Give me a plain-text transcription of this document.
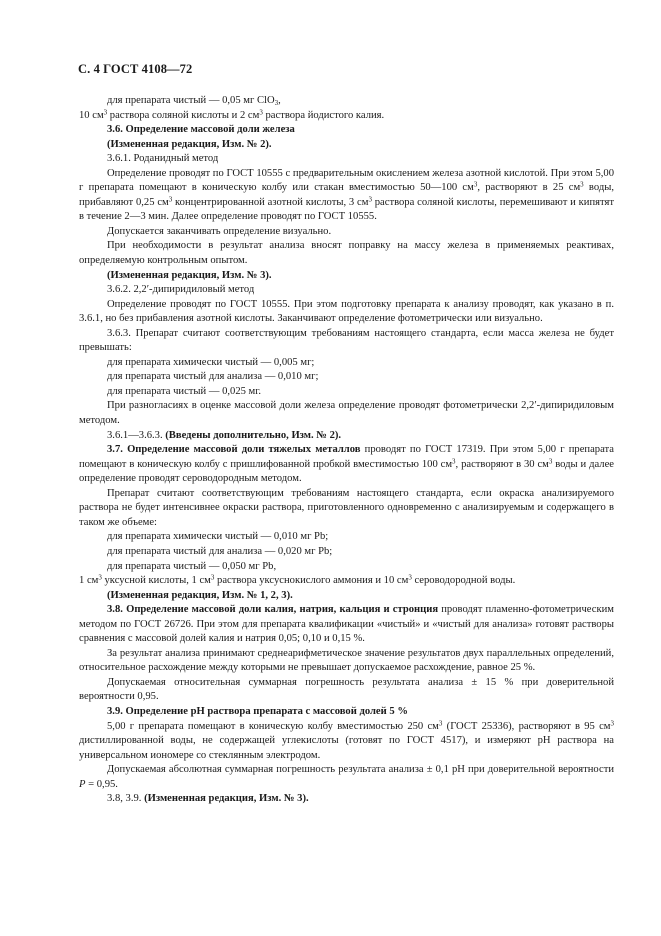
С. 4 ГОСТ 4108—72

для препарата чистый — 0,05 мг ClO$_3$,

10 $см^3$ раствора соляной кислоты и 2 $см^3$ раствора йодистого калия.

3.6. Определение массовой доли железа

(Измененная редакция, Изм. № 2).

3.6.1. Роданидный метод

Определение проводят по ГОСТ 10555 с предварительным окислением железа азотной кислотой. При этом 5,00 г препарата помещают в коническую колбу или стакан вместимостью 50—100 $см^3$, растворяют в 25 $см^3$ воды, прибавляют 0,25 $см^3$ концентрированной азотной кислоты, 3 $см^3$ раствора соляной кислоты, перемешивают и кипятят в течение 2—3 мин. Далее определение проводят по ГОСТ 10555.

Допускается заканчивать определение визуально.

При необходимости в результат анализа вносят поправку на массу железа в применяемых реактивах, определяемую контрольным опытом.

(Измененная редакция, Изм. № 3).

3.6.2. 2,2′-дипиридиловый метод

Определение проводят по ГОСТ 10555. При этом подготовку препарата к анализу проводят, как указано в п. 3.6.1, но без прибавления азотной кислоты. Заканчивают определение фотометрически или визуально.

3.6.3. Препарат считают соответствующим требованиям настоящего стандарта, если масса железа не будет превышать:

для препарата химически чистый — 0,005 мг;

для препарата чистый для анализа — 0,010 мг;

для препарата чистый — 0,025 мг.

При разногласиях в оценке массовой доли железа определение проводят фотометрически 2,2′-дипиридиловым методом.

3.6.1—3.6.3. (Введены дополнительно, Изм. № 2).

3.7. Определение массовой доли тяжелых металлов проводят по ГОСТ 17319. При этом 5,00 г препарата помещают в коническую колбу с пришлифованной пробкой вместимостью 100 $см^3$, растворяют в 30 $см^3$ воды и далее определение проводят сероводородным методом.

Препарат считают соответствующим требованиям настоящего стандарта, если окраска анализируемого раствора не будет интенсивнее окраски раствора, приготовленного одновременно с анализируемым и содержащего в таком же объеме:

для препарата химически чистый — 0,010 мг Pb;

для препарата чистый для анализа — 0,020 мг Pb;

для препарата чистый — 0,050 мг Pb,

1 $см^3$ уксусной кислоты, 1 $см^3$ раствора уксуснокислого аммония и 10 $см^3$ сероводородной воды.

(Измененная редакция, Изм. № 1, 2, 3).

3.8. Определение массовой доли калия, натрия, кальция и стронция проводят пламенно-фотометрическим методом по ГОСТ 26726. При этом для препарата квалификации «чистый» и «чистый для анализа» готовят растворы сравнения с массовой долей калия и натрия 0,05; 0,10 и 0,15 %.

За результат анализа принимают среднеарифметическое значение результатов двух параллельных определений, относительное расхождение между которыми не превышает допускаемое расхождение, равное 25 %.

Допускаемая относительная суммарная погрешность результата анализа ± 15 % при доверительной вероятности 0,95.

3.9. Определение pH раствора препарата с массовой долей 5 %

5,00 г препарата помещают в коническую колбу вместимостью 250 $см^3$ (ГОСТ 25336), растворяют в 95 $см^3$ дистиллированной воды, не содержащей углекислоты (готовят по ГОСТ 4517), и измеряют pH раствора на универсальном иономере со стеклянным электродом.

Допускаемая абсолютная суммарная погрешность результата анализа ± 0,1 pH при доверительной вероятности P = 0,95.

3.8, 3.9. (Измененная редакция, Изм. № 3).
